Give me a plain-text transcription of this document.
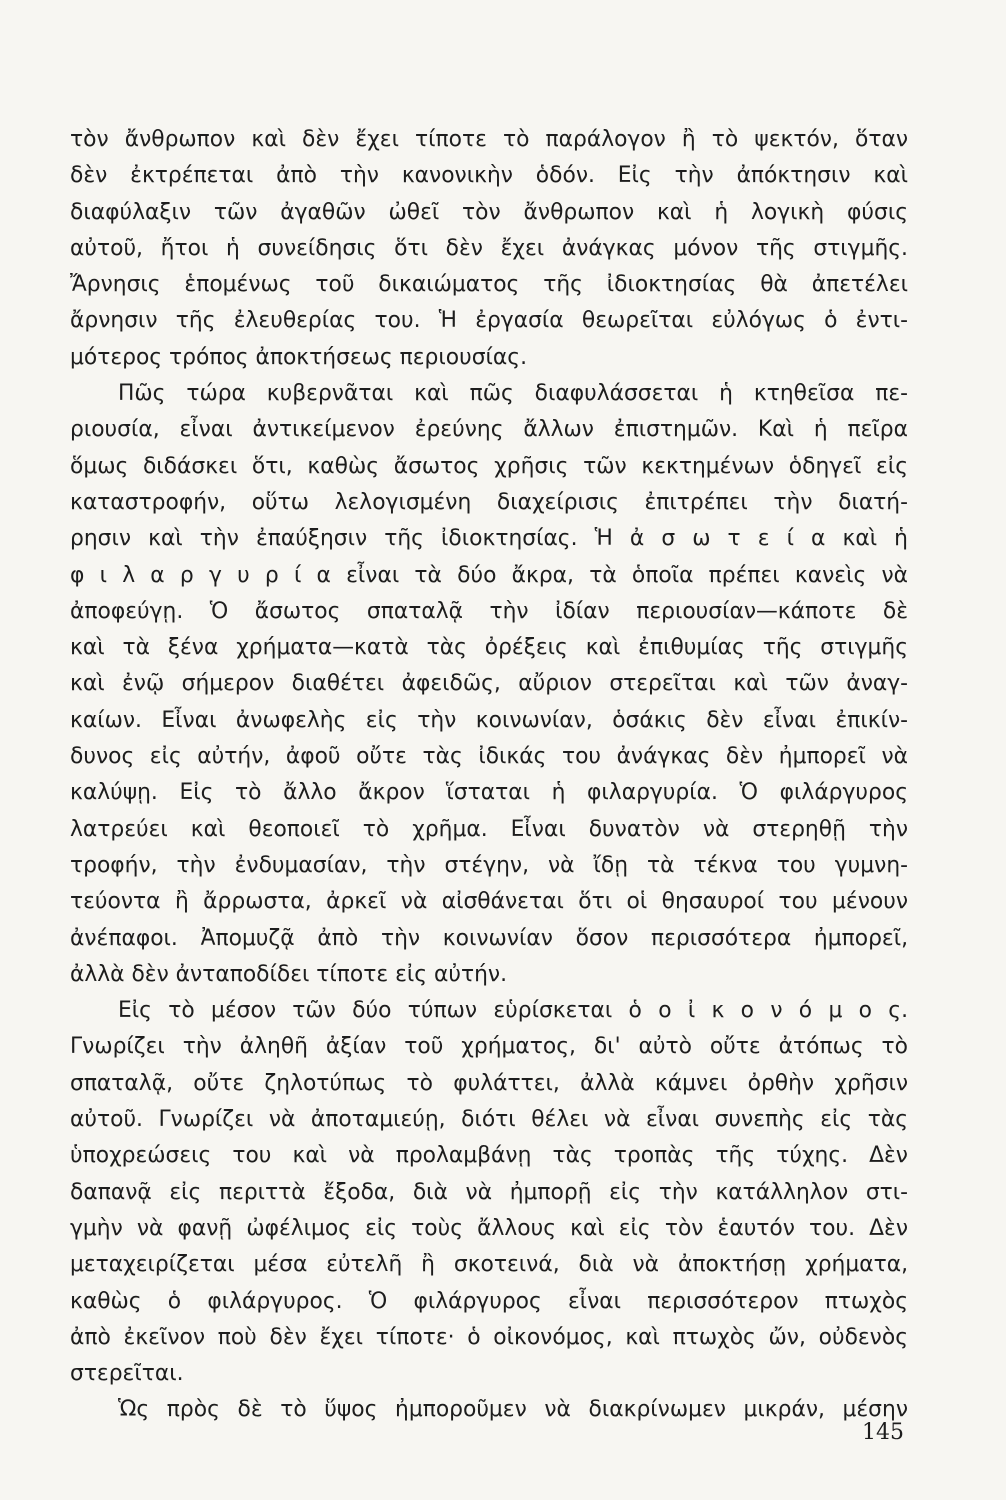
τὸν ἄνθρωπον καὶ δὲν ἔχει τίποτε τὸ παράλογον ἢ τὸ ψεκτόν, ὅταν
δὲν ἐκτρέπεται ἀπὸ τὴν κανονικὴν ὁδόν. Εἰς τὴν ἀπόκτησιν καὶ
διαφύλαξιν τῶν ἀγαθῶν ὠθεῖ τὸν ἄνθρωπον καὶ ἡ λογικὴ φύσις
αὐτοῦ, ἤτοι ἡ συνείδησις ὅτι δὲν ἔχει ἀνάγκας μόνον τῆς στιγμῆς.
Ἄρνησις ἑπομένως τοῦ δικαιώματος τῆς ἰδιοκτησίας θὰ ἀπετέλει
ἄρνησιν τῆς ἐλευθερίας του. Ἡ ἐργασία θεωρεῖται εὐλόγως ὁ ἐντι-
μότερος τρόπος ἀποκτήσεως περιουσίας.
Πῶς τώρα κυβερνᾶται καὶ πῶς διαφυλάσσεται ἡ κτηθεῖσα πε-
ριουσία, εἶναι ἀντικείμενον ἐρεύνης ἄλλων ἐπιστημῶν. Καὶ ἡ πεῖρα
ὅμως διδάσκει ὅτι, καθὼς ἄσωτος χρῆσις τῶν κεκτημένων ὁδηγεῖ εἰς
καταστροφήν, οὕτω λελογισμένη διαχείρισις ἐπιτρέπει τὴν διατή-
ρησιν καὶ τὴν ἐπαύξησιν τῆς ἰδιοκτησίας. Ἡ ἀ σ ω τ ε ί α καὶ ἡ
φ ι λ α ρ γ υ ρ ί α εἶναι τὰ δύο ἄκρα, τὰ ὁποῖα πρέπει κανεὶς νὰ
ἀποφεύγῃ. Ὁ ἄσωτος σπαταλᾷ τὴν ἰδίαν περιουσίαν—κάποτε δὲ
καὶ τὰ ξένα χρήματα—κατὰ τὰς ὀρέξεις καὶ ἐπιθυμίας τῆς στιγμῆς
καὶ ἐνῷ σήμερον διαθέτει ἀφειδῶς, αὔριον στερεῖται καὶ τῶν ἀναγ-
καίων. Εἶναι ἀνωφελὴς εἰς τὴν κοινωνίαν, ὁσάκις δὲν εἶναι ἐπικίν-
δυνος εἰς αὐτήν, ἀφοῦ οὔτε τὰς ἰδικάς του ἀνάγκας δὲν ἠμπορεῖ νὰ
καλύψῃ. Εἰς τὸ ἄλλο ἄκρον ἵσταται ἡ φιλαργυρία. Ὁ φιλάργυρος
λατρεύει καὶ θεοποιεῖ τὸ χρῆμα. Εἶναι δυνατὸν νὰ στερηθῇ τὴν
τροφήν, τὴν ἐνδυμασίαν, τὴν στέγην, νὰ ἴδῃ τὰ τέκνα του γυμνη-
τεύοντα ἢ ἄρρωστα, ἀρκεῖ νὰ αἰσθάνεται ὅτι οἱ θησαυροί του μένουν
ἀνέπαφοι. Ἀπομυζᾷ ἀπὸ τὴν κοινωνίαν ὅσον περισσότερα ἠμπορεῖ,
ἀλλὰ δὲν ἀνταποδίδει τίποτε εἰς αὐτήν.
Εἰς τὸ μέσον τῶν δύο τύπων εὑρίσκεται ὁ ο ἰ κ ο ν ό μ ο ς.
Γνωρίζει τὴν ἀληθῆ ἀξίαν τοῦ χρήματος, δι' αὐτὸ οὔτε ἀτόπως τὸ
σπαταλᾷ, οὔτε ζηλοτύπως τὸ φυλάττει, ἀλλὰ κάμνει ὀρθὴν χρῆσιν
αὐτοῦ. Γνωρίζει νὰ ἀποταμιεύῃ, διότι θέλει νὰ εἶναι συνεπὴς εἰς τὰς
ὑποχρεώσεις του καὶ νὰ προλαμβάνῃ τὰς τροπὰς τῆς τύχης. Δὲν
δαπανᾷ εἰς περιττὰ ἔξοδα, διὰ νὰ ἠμπορῇ εἰς τὴν κατάλληλον στι-
γμὴν νὰ φανῇ ὠφέλιμος εἰς τοὺς ἄλλους καὶ εἰς τὸν ἑαυτόν του. Δὲν
μεταχειρίζεται μέσα εὐτελῆ ἢ σκοτεινά, διὰ νὰ ἀποκτήσῃ χρήματα,
καθὼς ὁ φιλάργυρος. Ὁ φιλάργυρος εἶναι περισσότερον πτωχὸς
ἀπὸ ἐκεῖνον ποὺ δὲν ἔχει τίποτε· ὁ οἰκονόμος, καὶ πτωχὸς ὤν, οὐδενὸς
στερεῖται.
Ὡς πρὸς δὲ τὸ ὕψος ἠμποροῦμεν νὰ διακρίνωμεν μικράν, μέσην
145
